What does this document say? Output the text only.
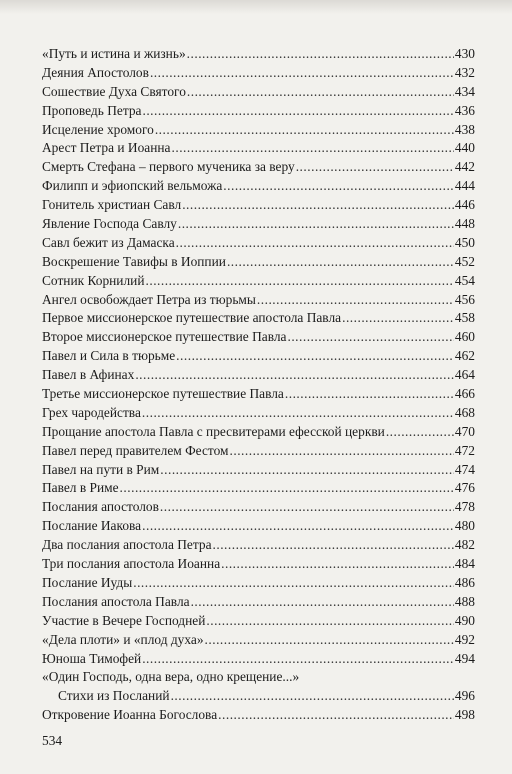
«Путь и истина и жизнь» .....	430
Деяния Апостолов .....	432
Сошествие Духа Святого .....	434
Проповедь Петра .....	436
Исцеление хромого .....	438
Арест Петра и Иоанна .....	440
Смерть Стефана – первого мученика за веру .....	442
Филипп и эфиопский вельможа .....	444
Гонитель христиан Савл .....	446
Явление Господа Савлу .....	448
Савл бежит из Дамаска .....	450
Воскрешение Тавифы в Иоппии .....	452
Сотник Корнилий .....	454
Ангел освобождает Петра из тюрьмы .....	456
Первое миссионерское путешествие апостола Павла .....	458
Второе миссионерское путешествие Павла .....	460
Павел и Сила в тюрьме .....	462
Павел в Афинах .....	464
Третье миссионерское путешествие Павла .....	466
Грех чародейства .....	468
Прощание апостола Павла с пресвитерами ефесской церкви .....	470
Павел перед правителем Фестом .....	472
Павел на пути в Рим .....	474
Павел в Риме .....	476
Послания апостолов .....	478
Послание Иакова .....	480
Два послания апостола Петра .....	482
Три послания апостола Иоанна .....	484
Послание Иуды .....	486
Послания апостола Павла .....	488
Участие в Вечере Господней .....	490
«Дела плоти» и «плод духа» .....	492
Юноша Тимофей .....	494
«Один Господь, одна вера, одно крещение...»
Стихи из Посланий .....	496
Откровение Иоанна Богослова .....	498
534
